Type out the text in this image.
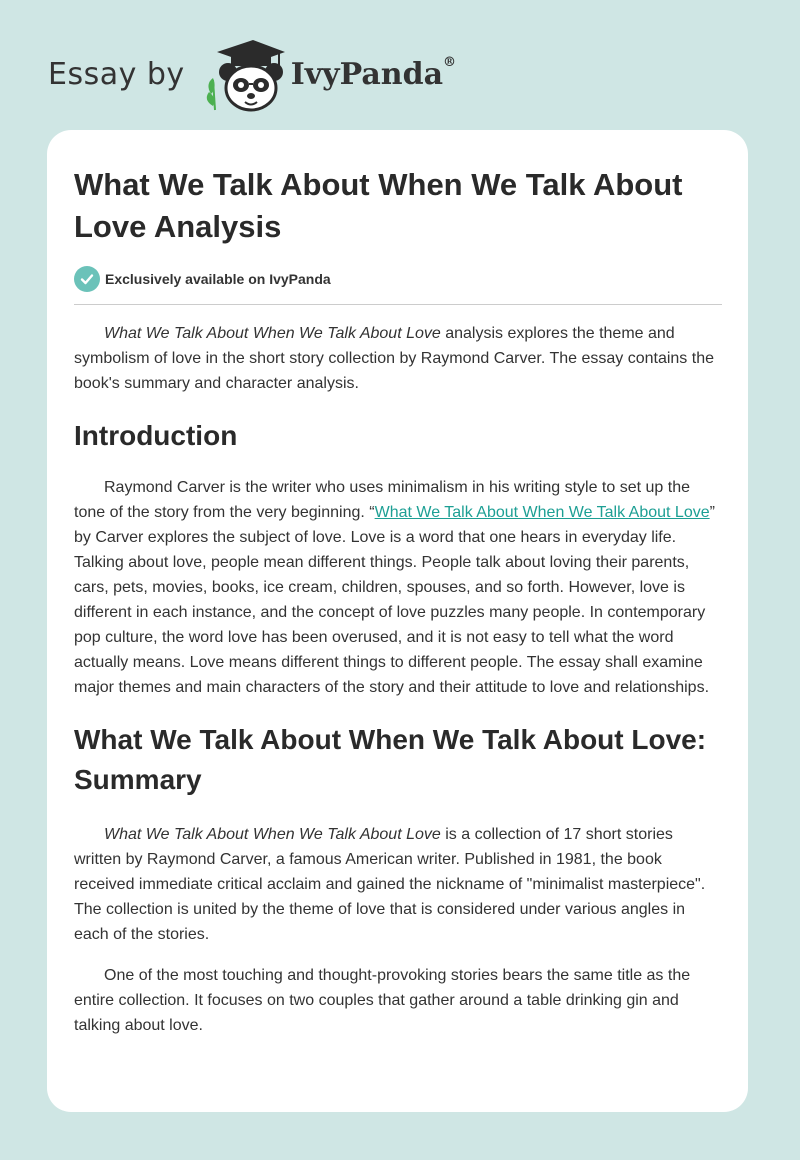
Essay by	IvyPanda®
What We Talk About When We Talk About Love Analysis
Exclusively available on IvyPanda

What We Talk About When We Talk About Love analysis explores the theme and symbolism of love in the short story collection by Raymond Carver. The essay contains the book's summary and character analysis.

Introduction

Raymond Carver is the writer who uses minimalism in his writing style to set up the tone of the story from the very beginning. “What We Talk About When We Talk About Love” by Carver explores the subject of love. Love is a word that one hears in everyday life. Talking about love, people mean different things. People talk about loving their parents, cars, pets, movies, books, ice cream, children, spouses, and so forth. However, love is different in each instance, and the concept of love puzzles many people. In contemporary pop culture, the word love has been overused, and it is not easy to tell what the word actually means. Love means different things to different people. The essay shall examine major themes and main characters of the story and their attitude to love and relationships.

What We Talk About When We Talk About Love: Summary

What We Talk About When We Talk About Love is a collection of 17 short stories written by Raymond Carver, a famous American writer. Published in 1981, the book received immediate critical acclaim and gained the nickname of "minimalist masterpiece". The collection is united by the theme of love that is considered under various angles in each of the stories.

One of the most touching and thought-provoking stories bears the same title as the entire collection. It focuses on two couples that gather around a table drinking gin and talking about love.
